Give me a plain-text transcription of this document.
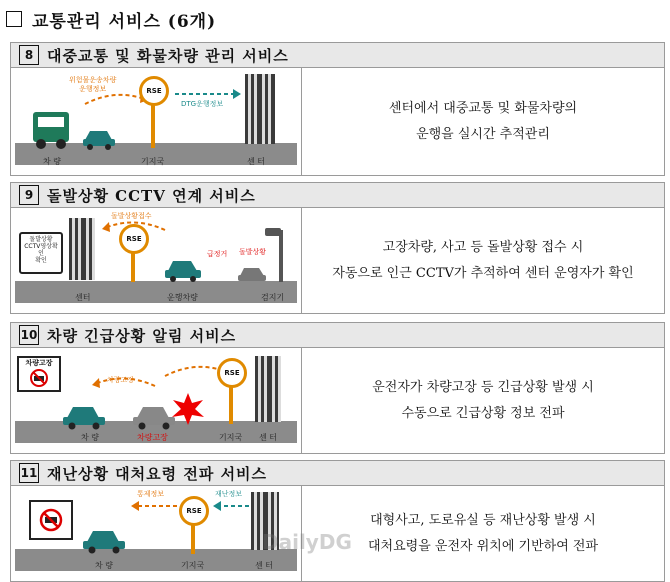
교통관리 서비스 (6개)
8 대중교통 및 화물차량 관리 서비스
위험물운송차량
운행정보	RSE
DTG운행정보
차 량	기지국	센 터
센터에서 대중교통 및 화물차량의
운행을 실시간 추적관리
9 돌발상황 CCTV 연계 서비스
돌발상황
CCTV영상확인
확인
돌발상황접수
RSE
급정거 돌발상황
센터	운행차량	검지기
고장차량, 사고 등 돌발상황 접수 시
자동으로 인근 CCTV가 추적하여 센터 운영자가 확인
10 차량 긴급상황 알림 서비스
차량고장
차량고장
RSE
차 량	차량고장	기지국 센 터
운전자가 차량고장 등 긴급상황 발생 시
수동으로 긴급상황 정보 전파
11 재난상황 대처요령 전파 서비스
통제정보
RSE
재난정보
차 량	기지국	센 터
대형사고, 도로유실 등 재난상황 발생 시
대처요령을 운전자 위치에 기반하여 전파
DailyDG
